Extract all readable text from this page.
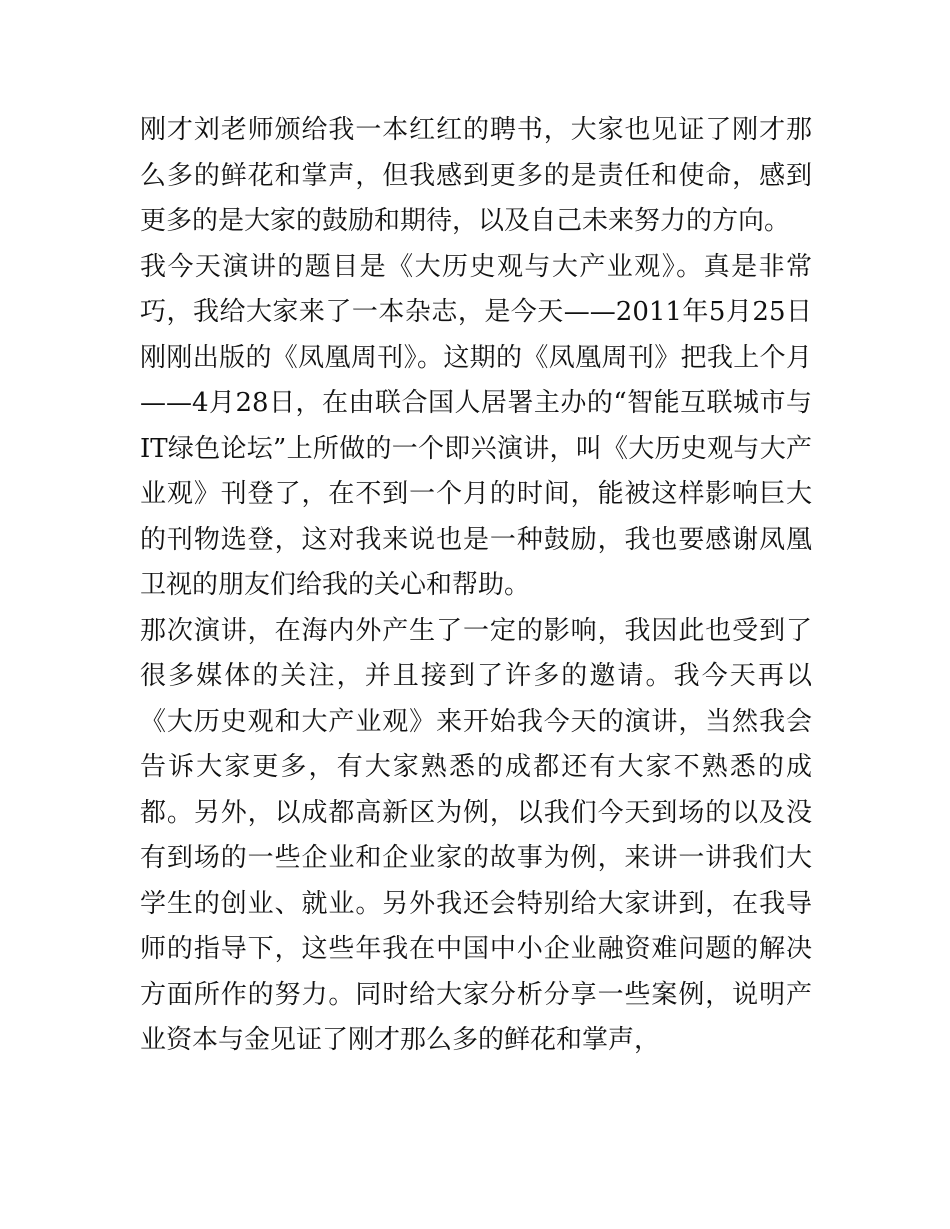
刚才刘老师颁给我一本红红的聘书，大家也见证了刚才那么多的鲜花和掌声，但我感到更多的是责任和使命，感到更多的是大家的鼓励和期待，以及自己未来努力的方向。

我今天演讲的题目是《大历史观与大产业观》。真是非常巧，我给大家来了一本杂志，是今天——2011年5月25日刚刚出版的《凤凰周刊》。这期的《凤凰周刊》把我上个月——4月28日，在由联合国人居署主办的“智能互联城市与IT绿色论坛”上所做的一个即兴演讲，叫《大历史观与大产业观》刊登了，在不到一个月的时间，能被这样影响巨大的刊物选登，这对我来说也是一种鼓励，我也要感谢凤凰卫视的朋友们给我的关心和帮助。

那次演讲，在海内外产生了一定的影响，我因此也受到了很多媒体的关注，并且接到了许多的邀请。我今天再以《大历史观和大产业观》来开始我今天的演讲，当然我会告诉大家更多，有大家熟悉的成都还有大家不熟悉的成都。另外，以成都高新区为例，以我们今天到场的以及没有到场的一些企业和企业家的故事为例，来讲一讲我们大学生的创业、就业。另外我还会特别给大家讲到，在我导师的指导下，这些年我在中国中小企业融资难问题的解决方面所作的努力。同时给大家分析分享一些案例，说明产业资本与金见证了刚才那么多的鲜花和掌声，
